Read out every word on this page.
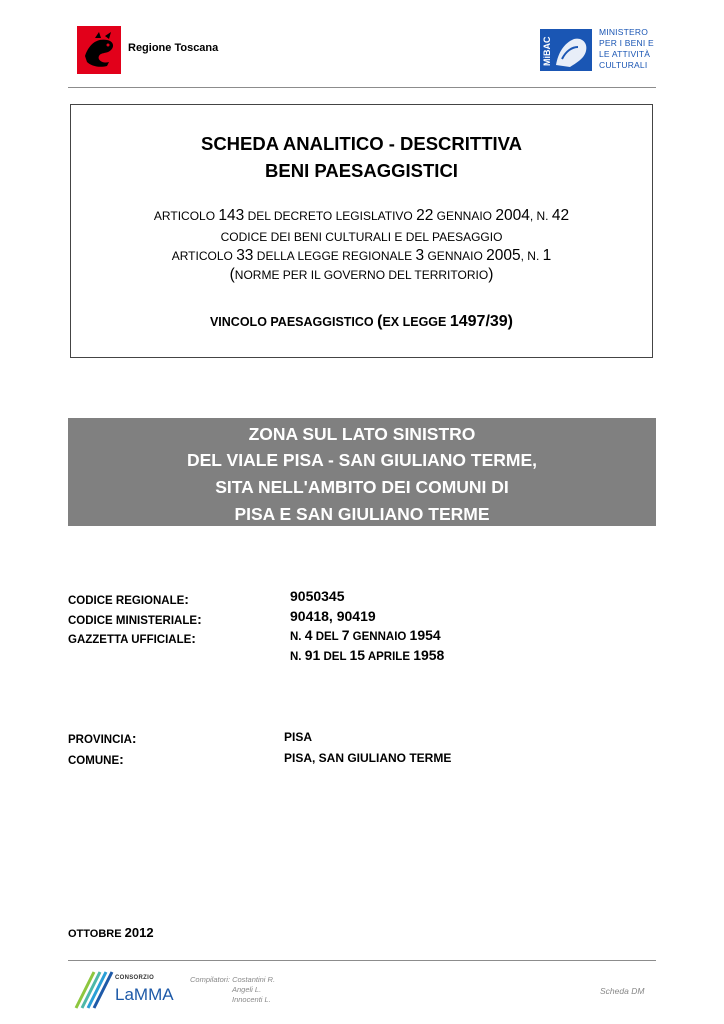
Regione Toscana	MiBAC
MINISTERO
PER I BENI E
LE ATTIVITÀ
CULTURALI
SCHEDA ANALITICO - DESCRITTIVA
BENI PAESAGGISTICI
ARTICOLO 143 DEL DECRETO LEGISLATIVO 22 GENNAIO 2004, N. 42
CODICE DEI BENI CULTURALI E DEL PAESAGGIO
ARTICOLO 33 DELLA LEGGE REGIONALE 3 GENNAIO 2005, N. 1
(NORME PER IL GOVERNO DEL TERRITORIO)
VINCOLO PAESAGGISTICO (EX LEGGE 1497/39)
ZONA SUL LATO SINISTRO
DEL VIALE PISA - SAN GIULIANO TERME,
SITA NELL'AMBITO DEI COMUNI DI
PISA E SAN GIULIANO TERME
CODICE REGIONALE:	9050345
CODICE MINISTERIALE:	90418, 90419
GAZZETTA UFFICIALE:	N. 4 DEL 7 GENNAIO 1954
N. 91 DEL 15 APRILE 1958
PROVINCIA:	PISA
COMUNE:	PISA, SAN GIULIANO TERME
OTTOBRE 2012
CONSORZIO
LaMMA
Compilatori: Costantini R.
Angeli L.
Innocenti L.
Scheda DM
